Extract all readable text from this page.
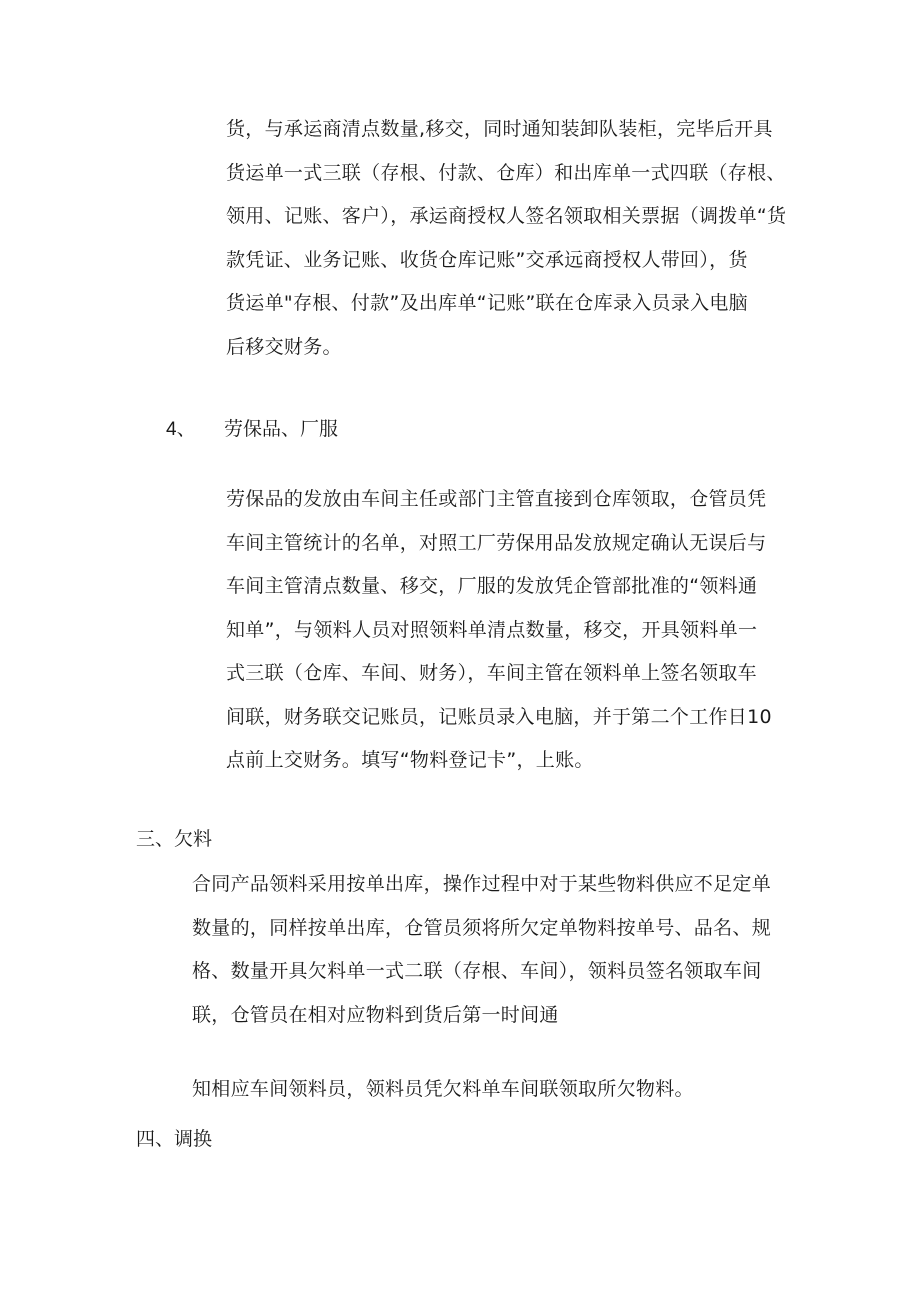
货，与承运商清点数量,移交，同时通知装卸队装柜，完毕后开具
货运单一式三联（存根、付款、仓库）和出库单一式四联（存根、
领用、记账、客户），承运商授权人签名领取相关票据（调拨单“货
款凭证、业务记账、收货仓库记账”交承远商授权人带回），货
货运单"存根、付款”及出库单“记账”联在仓库录入员录入电脑
后移交财务。
4、 劳保品、厂服
劳保品的发放由车间主任或部门主管直接到仓库领取，仓管员凭
车间主管统计的名单，对照工厂劳保用品发放规定确认无误后与
车间主管清点数量、移交，厂服的发放凭企管部批准的“领料通
知单”，与领料人员对照领料单清点数量，移交，开具领料单一
式三联（仓库、车间、财务），车间主管在领料单上签名领取车
间联，财务联交记账员，记账员录入电脑，并于第二个工作日10
点前上交财务。填写“物料登记卡”，上账。
三、欠料
合同产品领料采用按单出库，操作过程中对于某些物料供应不足定单
数量的，同样按单出库，仓管员须将所欠定单物料按单号、品名、规
格、数量开具欠料单一式二联（存根、车间），领料员签名领取车间
联，仓管员在相对应物料到货后第一时间通
知相应车间领料员，领料员凭欠料单车间联领取所欠物料。
四、调换
